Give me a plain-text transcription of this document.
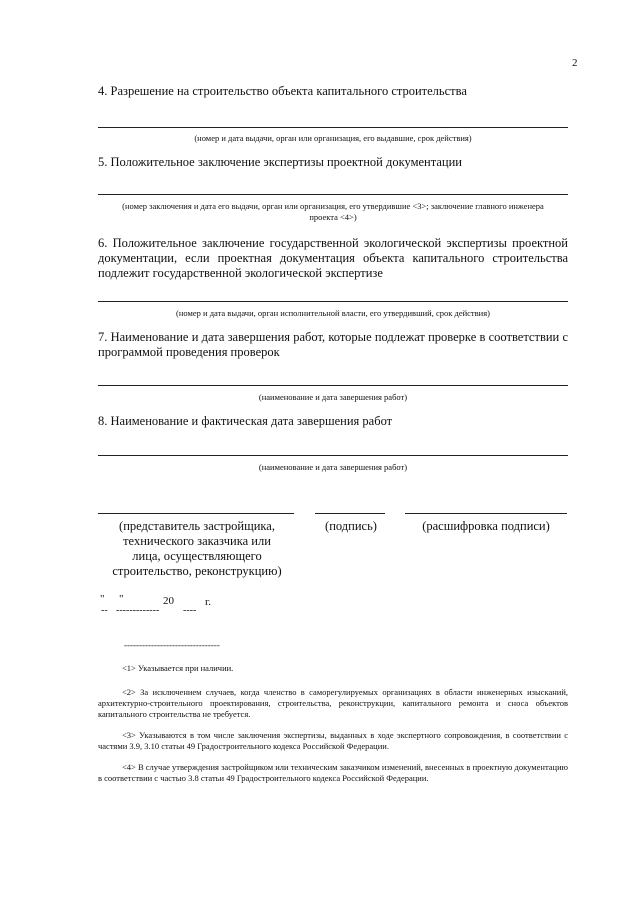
2
4. Разрешение на строительство объекта капитального строительства
(номер и дата выдачи, орган или организация, его выдавшие, срок действия)
5. Положительное заключение экспертизы проектной документации
(номер заключения и дата его выдачи, орган или организация, его утвердившие <3>; заключение главного инженера проекта <4>)
6. Положительное заключение государственной экологической экспертизы проектной документации, если проектная документация объекта капитального строительства подлежит государственной экологической экспертизе
(номер и дата выдачи, орган исполнительной власти, его утвердивший, срок действия)
7. Наименование и дата завершения работ, которые подлежат проверке в соответствии с программой проведения проверок
(наименование и дата завершения работ)
8. Наименование и фактическая дата завершения работ
(наименование и дата завершения работ)
(представитель застройщика, технического заказчика или лица, осуществляющего строительство, реконструкцию)
(подпись)	(расшифровка подписи)
" "	20	г.
-- ------------- ----
--------------------------------

<1> Указывается при наличии.

<2> За исключением случаев, когда членство в саморегулируемых организациях в области инженерных изысканий, архитектурно-строительного проектирования, строительства, реконструкции, капитального ремонта и сноса объектов капитального строительства не требуется.

<3> Указываются в том числе заключения экспертизы, выданных в ходе экспертного сопровождения, в соответствии с частями 3.9, 3.10 статьи 49 Градостроительного кодекса Российской Федерации.

<4> В случае утверждения застройщиком или техническим заказчиком изменений, внесенных в проектную документацию в соответствии с частью 3.8 статьи 49 Градостроительного кодекса Российской Федерации.
